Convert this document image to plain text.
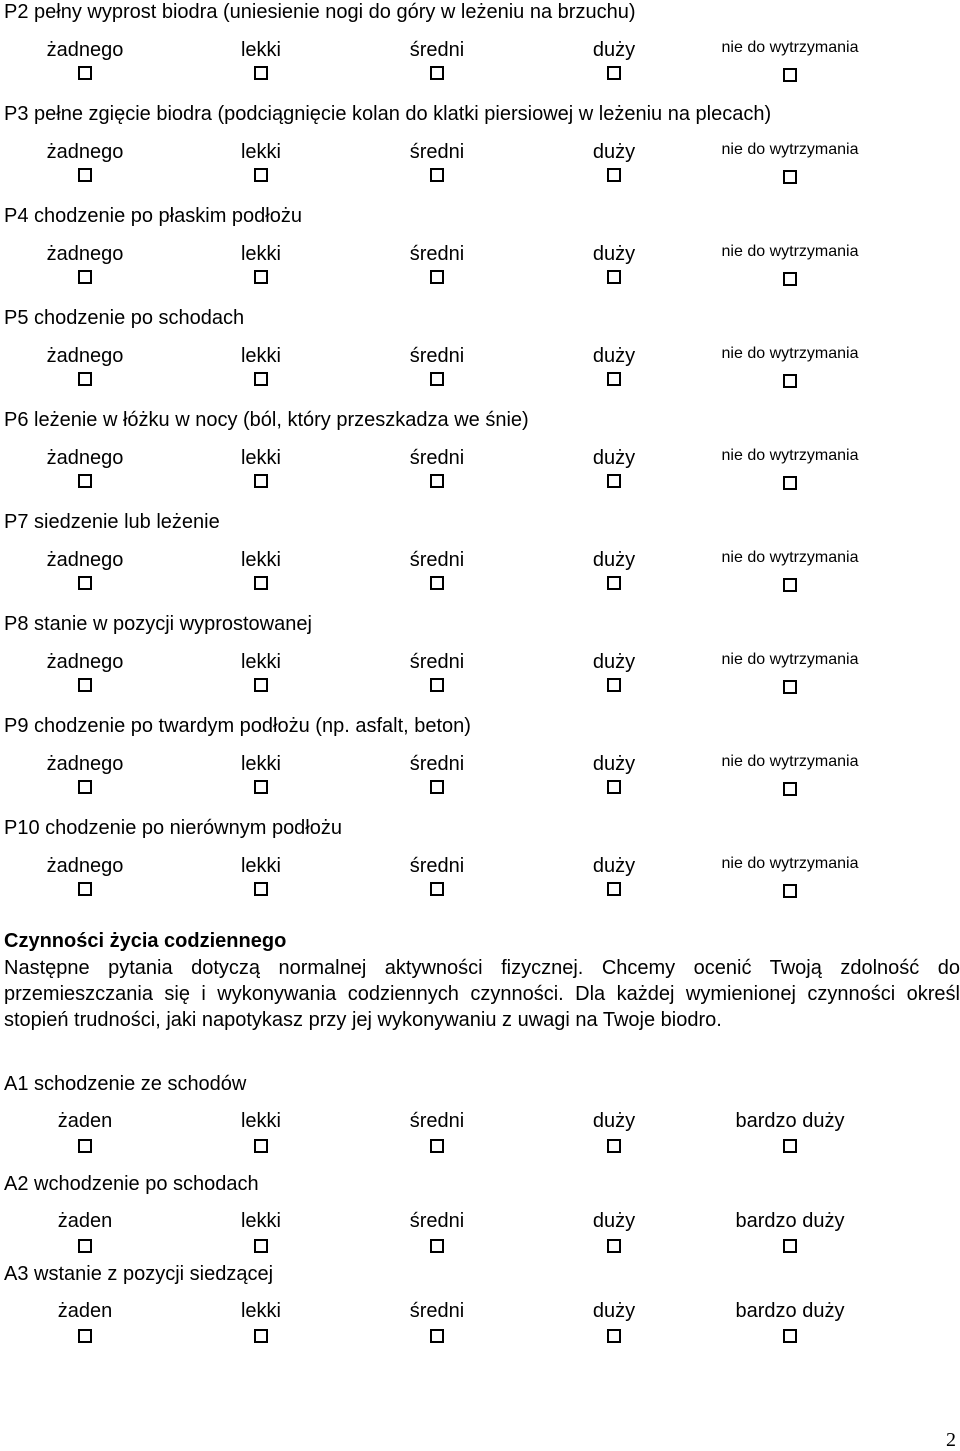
Czynności życia codziennego

Następne pytania dotyczą normalnej aktywności fizycznej. Chcemy ocenić Twoją zdolność do przemieszczania się i wykonywania codziennych czynności. Dla każdej wymienionej czynności określ stopień trudności, jaki napotykasz przy jej wykonywaniu z uwagi na Twoje biodro.

2
P2 pełny wyprost biodra (uniesienie nogi do góry w leżeniu na brzuchu)
żadnego	lekki	średni	duży	nie do wytrzymania
P3 pełne zgięcie biodra (podciągnięcie kolan do klatki piersiowej w leżeniu na plecach)
żadnego	lekki	średni	duży	nie do wytrzymania
P4 chodzenie po płaskim podłożu
żadnego	lekki	średni	duży	nie do wytrzymania
P5 chodzenie po schodach
żadnego	lekki	średni	duży	nie do wytrzymania
P6 leżenie w łóżku w nocy (ból, który przeszkadza we śnie)
żadnego	lekki	średni	duży	nie do wytrzymania
P7 siedzenie lub leżenie
żadnego	lekki	średni	duży	nie do wytrzymania
P8 stanie w pozycji wyprostowanej
żadnego	lekki	średni	duży	nie do wytrzymania
P9 chodzenie po twardym podłożu (np. asfalt, beton)
żadnego	lekki	średni	duży	nie do wytrzymania
P10 chodzenie po nierównym podłożu
żadnego	lekki	średni	duży	nie do wytrzymania
A1 schodzenie ze schodów
żaden	lekki	średni	duży	bardzo duży
A2 wchodzenie po schodach
żaden	lekki	średni	duży	bardzo duży
A3 wstanie z pozycji siedzącej
żaden	lekki	średni	duży	bardzo duży
